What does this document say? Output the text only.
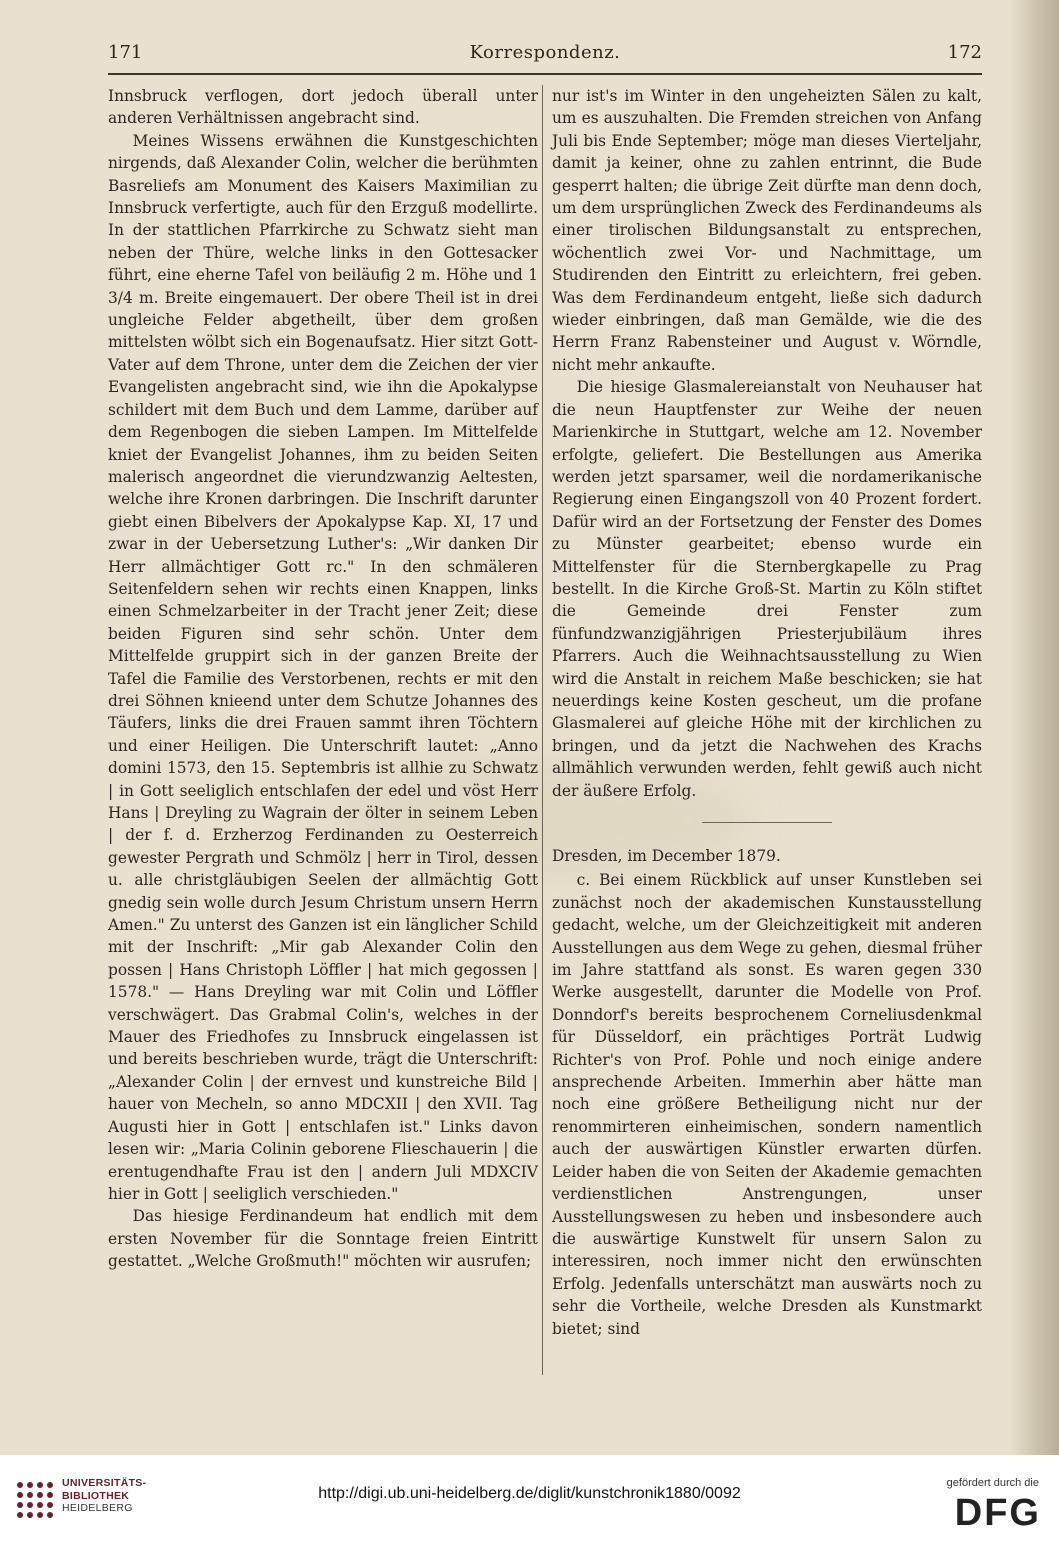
171	Korrespondenz.	172

Innsbruck verflogen, dort jedoch überall unter anderen Verhältnissen angebracht sind.

Meines Wissens erwähnen die Kunstgeschichten nirgends, daß Alexander Colin, welcher die berühmten Basreliefs am Monument des Kaisers Maximilian zu Innsbruck verfertigte, auch für den Erzguß modellirte. In der stattlichen Pfarrkirche zu Schwatz sieht man neben der Thüre, welche links in den Gottesacker führt, eine eherne Tafel von beiläufig 2 m. Höhe und 1 3/4 m. Breite eingemauert. Der obere Theil ist in drei ungleiche Felder abgetheilt, über dem großen mittelsten wölbt sich ein Bogenaufsatz. Hier sitzt Gott-Vater auf dem Throne, unter dem die Zeichen der vier Evangelisten angebracht sind, wie ihn die Apokalypse schildert mit dem Buch und dem Lamme, darüber auf dem Regenbogen die sieben Lampen. Im Mittelfelde kniet der Evangelist Johannes, ihm zu beiden Seiten malerisch angeordnet die vierundzwanzig Aeltesten, welche ihre Kronen darbringen. Die Inschrift darunter giebt einen Bibelvers der Apokalypse Kap. XI, 17 und zwar in der Uebersetzung Luther's: „Wir danken Dir Herr allmächtiger Gott rc." In den schmäleren Seitenfeldern sehen wir rechts einen Knappen, links einen Schmelzarbeiter in der Tracht jener Zeit; diese beiden Figuren sind sehr schön. Unter dem Mittelfelde gruppirt sich in der ganzen Breite der Tafel die Familie des Verstorbenen, rechts er mit den drei Söhnen knieend unter dem Schutze Johannes des Täufers, links die drei Frauen sammt ihren Töchtern und einer Heiligen. Die Unterschrift lautet: „Anno domini 1573, den 15. Septembris ist allhie zu Schwatz | in Gott seeliglich entschlafen der edel und vöst Herr Hans | Dreyling zu Wagrain der ölter in seinem Leben | der f. d. Erzherzog Ferdinanden zu Oesterreich gewester Pergrath und Schmölz | herr in Tirol, dessen u. alle christgläubigen Seelen der allmächtig Gott gnedig sein wolle durch Jesum Christum unsern Herrn Amen." Zu unterst des Ganzen ist ein länglicher Schild mit der Inschrift: „Mir gab Alexander Colin den possen | Hans Christoph Löffler | hat mich gegossen | 1578." — Hans Dreyling war mit Colin und Löffler verschwägert. Das Grabmal Colin's, welches in der Mauer des Friedhofes zu Innsbruck eingelassen ist und bereits beschrieben wurde, trägt die Unterschrift: „Alexander Colin | der ernvest und kunstreiche Bild | hauer von Mecheln, so anno MDCXII | den XVII. Tag Augusti hier in Gott | entschlafen ist." Links davon lesen wir: „Maria Colinin geborene Flieschauerin | die erentugendhafte Frau ist den | andern Juli MDXCIV hier in Gott | seeliglich verschieden."

Das hiesige Ferdinandeum hat endlich mit dem ersten November für die Sonntage freien Eintritt gestattet. „Welche Großmuth!" möchten wir ausrufen;

nur ist's im Winter in den ungeheizten Sälen zu kalt, um es auszuhalten. Die Fremden streichen von Anfang Juli bis Ende September; möge man dieses Vierteljahr, damit ja keiner, ohne zu zahlen entrinnt, die Bude gesperrt halten; die übrige Zeit dürfte man denn doch, um dem ursprünglichen Zweck des Ferdinandeums als einer tirolischen Bildungsanstalt zu entsprechen, wöchentlich zwei Vor- und Nachmittage, um Studirenden den Eintritt zu erleichtern, frei geben. Was dem Ferdinandeum entgeht, ließe sich dadurch wieder einbringen, daß man Gemälde, wie die des Herrn Franz Rabensteiner und August v. Wörndle, nicht mehr ankaufte.

Die hiesige Glasmalereianstalt von Neuhauser hat die neun Hauptfenster zur Weihe der neuen Marienkirche in Stuttgart, welche am 12. November erfolgte, geliefert. Die Bestellungen aus Amerika werden jetzt sparsamer, weil die nordamerikanische Regierung einen Eingangszoll von 40 Prozent fordert. Dafür wird an der Fortsetzung der Fenster des Domes zu Münster gearbeitet; ebenso wurde ein Mittelfenster für die Sternbergkapelle zu Prag bestellt. In die Kirche Groß-St. Martin zu Köln stiftet die Gemeinde drei Fenster zum fünfundzwanzigjährigen Priesterjubiläum ihres Pfarrers. Auch die Weihnachtsausstellung zu Wien wird die Anstalt in reichem Maße beschicken; sie hat neuerdings keine Kosten gescheut, um die profane Glasmalerei auf gleiche Höhe mit der kirchlichen zu bringen, und da jetzt die Nachwehen des Krachs allmählich verwunden werden, fehlt gewiß auch nicht der äußere Erfolg.

Dresden, im December 1879.

c. Bei einem Rückblick auf unser Kunstleben sei zunächst noch der akademischen Kunstausstellung gedacht, welche, um der Gleichzeitigkeit mit anderen Ausstellungen aus dem Wege zu gehen, diesmal früher im Jahre stattfand als sonst. Es waren gegen 330 Werke ausgestellt, darunter die Modelle von Prof. Donndorf's bereits besprochenem Corneliusdenkmal für Düsseldorf, ein prächtiges Porträt Ludwig Richter's von Prof. Pohle und noch einige andere ansprechende Arbeiten. Immerhin aber hätte man noch eine größere Betheiligung nicht nur der renommirteren einheimischen, sondern namentlich auch der auswärtigen Künstler erwarten dürfen. Leider haben die von Seiten der Akademie gemachten verdienstlichen Anstrengungen, unser Ausstellungswesen zu heben und insbesondere auch die auswärtige Kunstwelt für unsern Salon zu interessiren, noch immer nicht den erwünschten Erfolg. Jedenfalls unterschätzt man auswärts noch zu sehr die Vortheile, welche Dresden als Kunstmarkt bietet; sind

UNIVERSITÄTS-
BIBLIOTHEK
HEIDELBERG
http://digi.ub.uni-heidelberg.de/diglit/kunstchronik1880/0092
gefördert durch die
DFG
